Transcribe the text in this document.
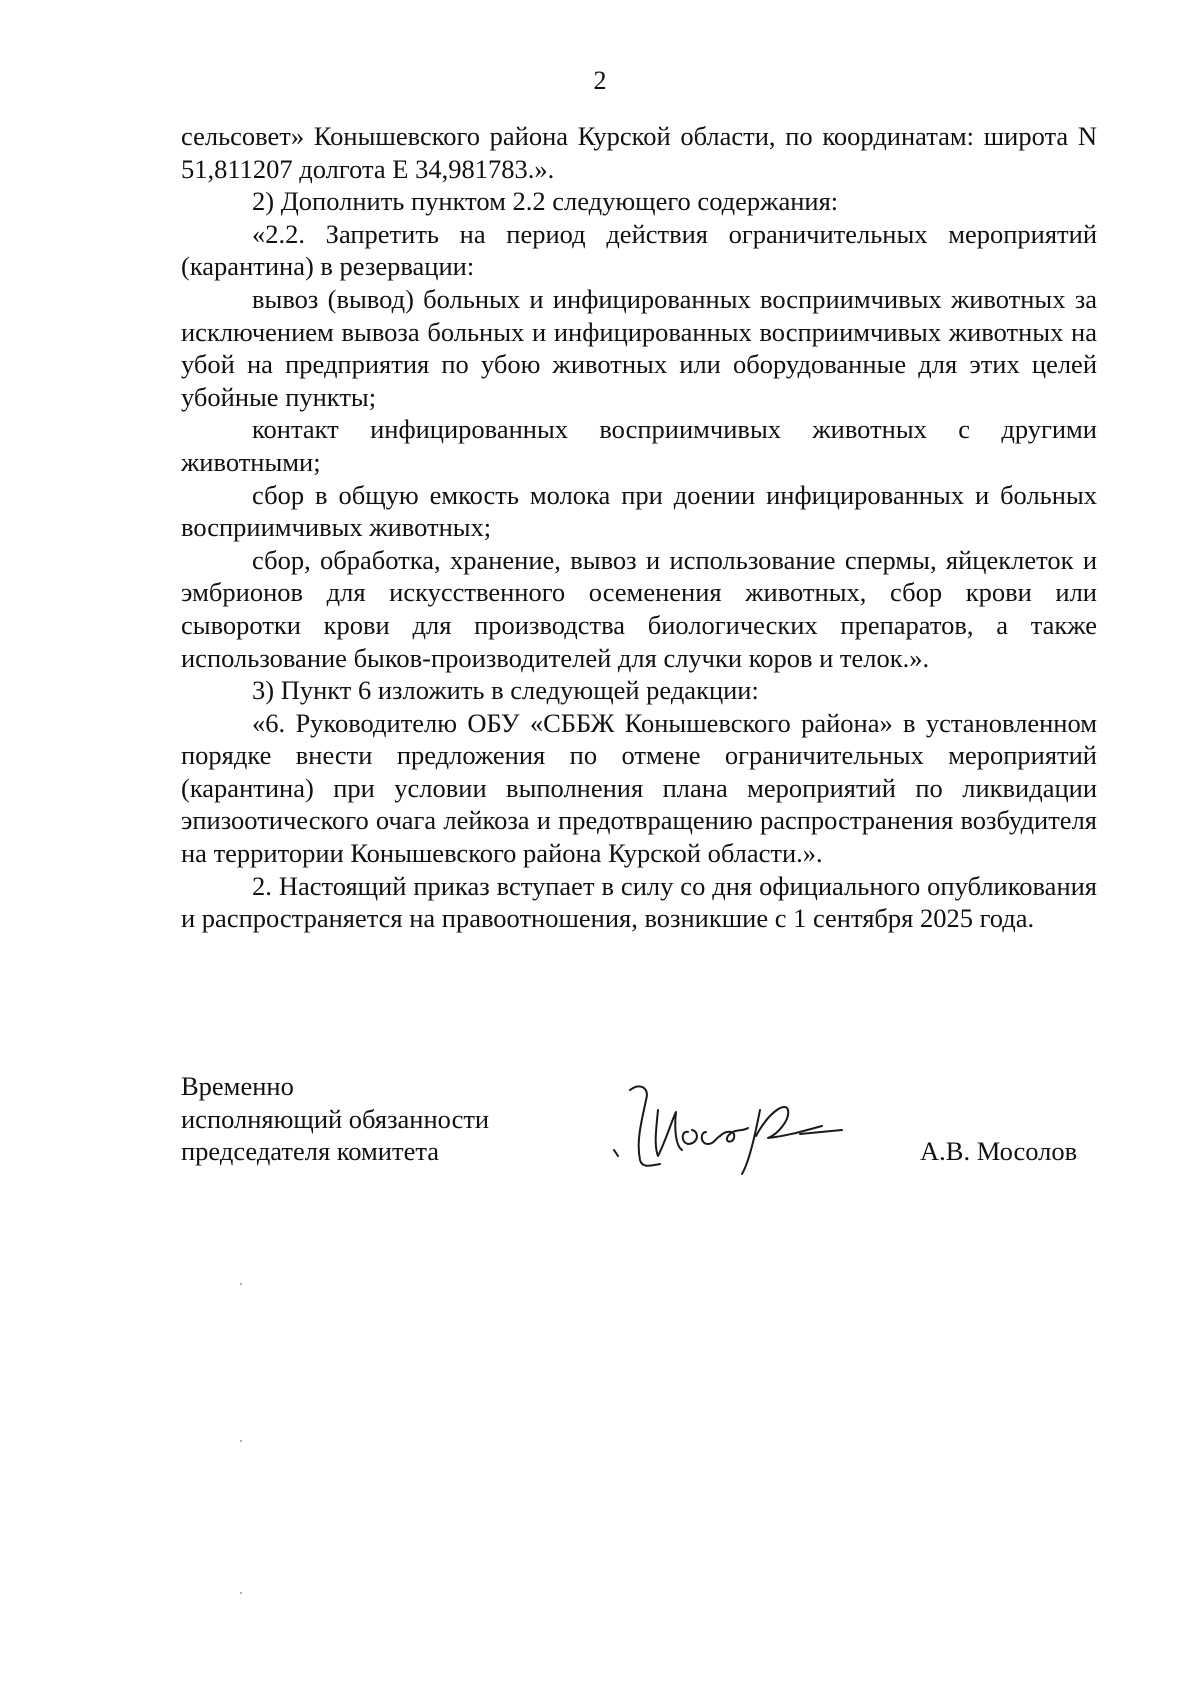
2

сельсовет» Конышевского района Курской области, по координатам: широта N 51,811207 долгота E 34,981783.».

2) Дополнить пунктом 2.2 следующего содержания:

«2.2. Запретить на период действия ограничительных мероприятий (карантина) в резервации:

вывоз (вывод) больных и инфицированных восприимчивых животных за исключением вывоза больных и инфицированных восприимчивых животных на убой на предприятия по убою животных или оборудованные для этих целей убойные пункты;

контакт инфицированных восприимчивых животных с другими животными;

сбор в общую емкость молока при доении инфицированных и больных восприимчивых животных;

сбор, обработка, хранение, вывоз и использование спермы, яйцеклеток и эмбрионов для искусственного осеменения животных, сбор крови или сыворотки крови для производства биологических препаратов, а также использование быков-производителей для случки коров и телок.».

3) Пункт 6 изложить в следующей редакции:

«6. Руководителю ОБУ «СББЖ Конышевского района» в установленном порядке внести предложения по отмене ограничительных мероприятий (карантина) при условии выполнения плана мероприятий по ликвидации эпизоотического очага лейкоза и предотвращению распространения возбудителя на территории Конышевского района Курской области.».

2. Настоящий приказ вступает в силу со дня официального опубликования и распространяется на правоотношения, возникшие с 1 сентября 2025 года.

Временно
исполняющий обязанности
председателя комитета	А.В. Мосолов
